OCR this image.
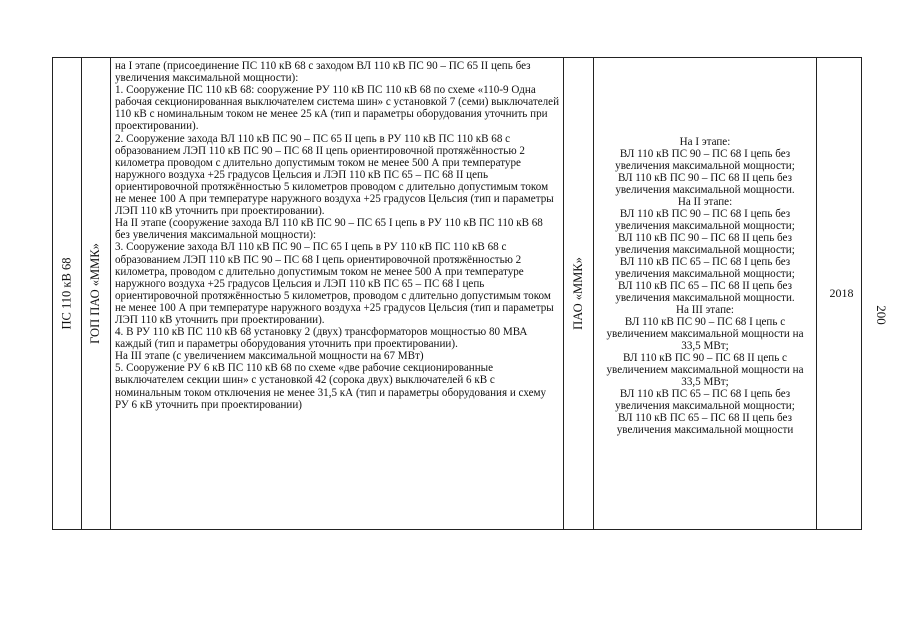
ПС 110 кВ 68 ГОП ПАО «ММК»

на I этапе (присоединение ПС 110 кВ 68 с заходом ВЛ 110 кВ ПС 90 – ПС 65 II цепь без увеличения максимальной мощности):

1. Сооружение ПС 110 кВ 68: сооружение РУ 110 кВ ПС 110 кВ 68 по схеме «110-9 Одна рабочая секционированная выключателем система шин» с установкой 7 (семи) выключателей 110 кВ с номинальным током не менее 25 кА (тип и параметры оборудования уточнить при проектировании).

2. Сооружение захода ВЛ 110 кВ ПС 90 – ПС 65 II цепь в РУ 110 кВ ПС 110 кВ 68 с образованием ЛЭП 110 кВ ПС 90 – ПС 68 II цепь ориентировочной протяжённостью 2 километра проводом с длительно допустимым током не менее 500 А при температуре наружного воздуха +25 градусов Цельсия и ЛЭП 110 кВ ПС 65 – ПС 68 II цепь ориентировочной протяжённостью 5 километров проводом с длительно допустимым током не менее 100 А при температуре наружного воздуха +25 градусов Цельсия (тип и параметры ЛЭП 110 кВ уточнить при проектировании).

На II этапе (сооружение захода ВЛ 110 кВ ПС 90 – ПС 65 I цепь в РУ 110 кВ ПС 110 кВ 68 без увеличения максимальной мощности):

3. Сооружение захода ВЛ 110 кВ ПС 90 – ПС 65 I цепь в РУ 110 кВ ПС 110 кВ 68 с образованием ЛЭП 110 кВ ПС 90 – ПС 68 I цепь ориентировочной протяжённостью 2 километра, проводом с длительно допустимым током не менее 500 А при температуре наружного воздуха +25 градусов Цельсия и ЛЭП 110 кВ ПС 65 – ПС 68 I цепь ориентировочной протяжённостью 5 километров, проводом с длительно допустимым током не менее 100 А при температуре наружного воздуха +25 градусов Цельсия (тип и параметры ЛЭП 110 кВ уточнить при проектировании).

4. В РУ 110 кВ ПС 110 кВ 68 установку 2 (двух) трансформаторов мощностью 80 МВА каждый (тип и параметры оборудования уточнить при проектировании).

На III этапе (с увеличением максимальной мощности на 67 МВт)

5. Сооружение РУ 6 кВ ПС 110 кВ 68 по схеме «две рабочие секционированные выключателем секции шин» с установкой 42 (сорока двух) выключателей 6 кВ с номинальным током отключения не менее 31,5 кА (тип и параметры оборудования и схему РУ 6 кВ уточнить при проектировании)

ПАО «ММК»

На I этапе:

ВЛ 110 кВ ПС 90 – ПС 68 I цепь без увеличения максимальной мощности;

ВЛ 110 кВ ПС 90 – ПС 68 II цепь без увеличения максимальной мощности.

На II этапе:

ВЛ 110 кВ ПС 90 – ПС 68 I цепь без увеличения максимальной мощности;

ВЛ 110 кВ ПС 90 – ПС 68 II цепь без увеличения максимальной мощности;

ВЛ 110 кВ ПС 65 – ПС 68 I цепь без увеличения максимальной мощности;

ВЛ 110 кВ ПС 65 – ПС 68 II цепь без увеличения максимальной мощности.

На III этапе:

ВЛ 110 кВ ПС 90 – ПС 68 I цепь с увеличением максимальной мощности на 33,5 МВт;

ВЛ 110 кВ ПС 90 – ПС 68 II цепь с увеличением максимальной мощности на 33,5 МВт;

ВЛ 110 кВ ПС 65 – ПС 68 I цепь без увеличения максимальной мощности;

ВЛ 110 кВ ПС 65 – ПС 68 II цепь без увеличения максимальной мощности

2018
200
